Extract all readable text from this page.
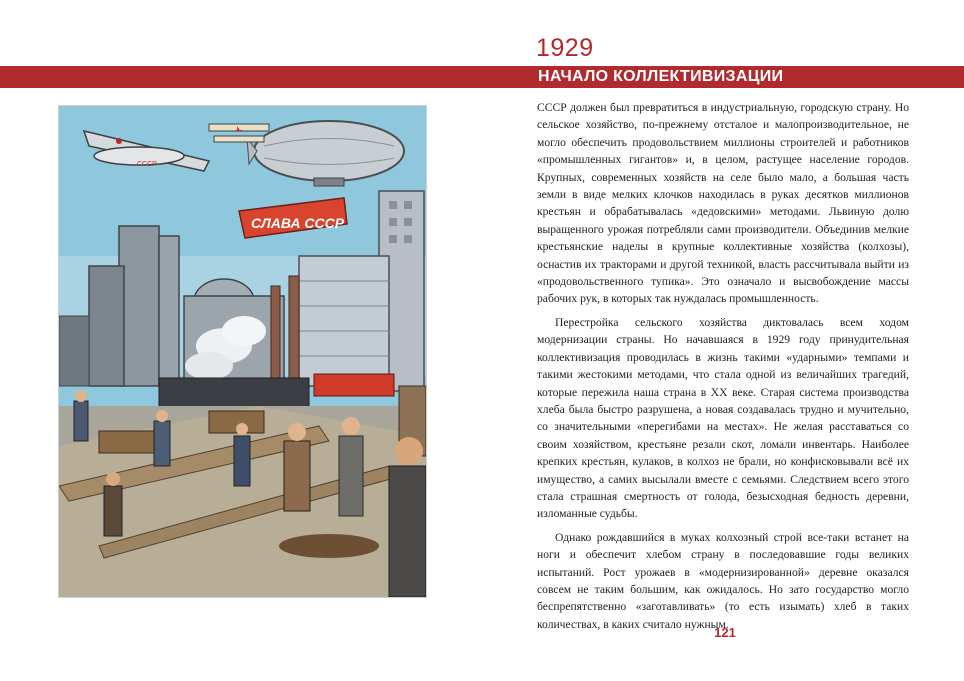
1929
НАЧАЛО КОЛЛЕКТИВИЗАЦИИ
СССР
СЛАВА СССР

СССР должен был превратиться в индустриальную, городскую страну. Но сельское хозяйство, по-прежнему отсталое и малопроизводительное, не могло обеспечить продовольствием миллионы строителей и работников «промышленных гигантов» и, в целом, растущее население городов. Крупных, современных хозяйств на селе было мало, а большая часть земли в виде мелких клочков находилась в руках десятков миллионов крестьян и обрабатывалась «дедовскими» методами. Львиную долю выращенного урожая потребляли сами производители. Объединив мелкие крестьянские наделы в крупные коллективные хозяйства (колхозы), оснастив их тракторами и другой техникой, власть рассчитывала выйти из «продовольственного тупика». Это означало и высвобождение массы рабочих рук, в которых так нуждалась промышленность.

Перестройка сельского хозяйства диктовалась всем ходом модернизации страны. Но начавшаяся в 1929 году принудительная коллективизация проводилась в жизнь такими «ударными» темпами и такими жестокими методами, что стала одной из величайших трагедий, которые пережила наша страна в XX веке. Старая система производства хлеба была быстро разрушена, а новая создавалась трудно и мучительно, со значительными «перегибами на местах». Не желая расставаться со своим хозяйством, крестьяне резали скот, ломали инвентарь. Наиболее крепких крестьян, кулаков, в колхоз не брали, но конфисковывали всё их имущество, а самих высылали вместе с семьями. Следствием всего этого стала страшная смертность от голода, безысходная бедность деревни, изломанные судьбы.

Однако рождавшийся в муках колхозный строй все-таки встанет на ноги и обеспечит хлебом страну в последовавшие годы великих испытаний. Рост урожаев в «модернизированной» деревне оказался совсем не таким большим, как ожидалось. Но зато государство могло беспрепятственно «заготавливать» (то есть изымать) хлеб в таких количествах, в каких считало нужным.

121
